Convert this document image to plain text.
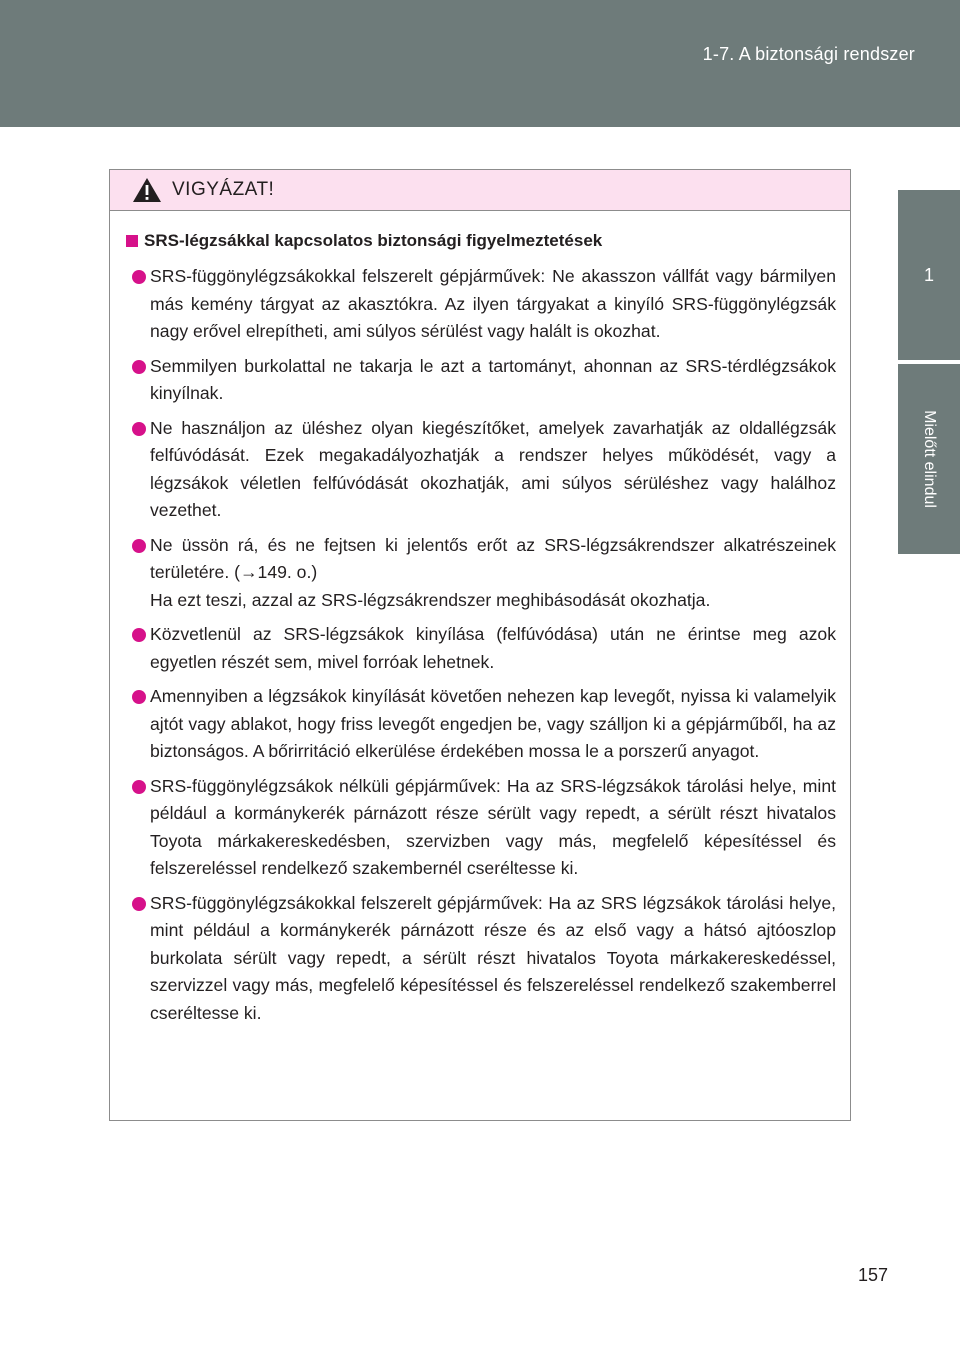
1-7. A biztonsági rendszer
1
Mielőtt elindul
VIGYÁZAT!
SRS-légzsákkal kapcsolatos biztonsági figyelmeztetések
SRS-függönylégzsákokkal felszerelt gépjárművek: Ne akasszon vállfát vagy bármilyen más kemény tárgyat az akasztókra. Az ilyen tárgyakat a kinyíló SRS-függönylégzsák nagy erővel elrepítheti, ami súlyos sérülést vagy halált is okozhat.
Semmilyen burkolattal ne takarja le azt a tartományt, ahonnan az SRS-térdlégzsákok kinyílnak.
Ne használjon az üléshez olyan kiegészítőket, amelyek zavarhatják az oldallégzsák felfúvódását. Ezek megakadályozhatják a rendszer helyes működését, vagy a légzsákok véletlen felfúvódását okozhatják, ami súlyos sérüléshez vagy halálhoz vezethet.
Ne üssön rá, és ne fejtsen ki jelentős erőt az SRS-légzsákrendszer alkatrészeinek területére. (→149. o.)
Ha ezt teszi, azzal az SRS-légzsákrendszer meghibásodását okozhatja.
Közvetlenül az SRS-légzsákok kinyílása (felfúvódása) után ne érintse meg azok egyetlen részét sem, mivel forróak lehetnek.
Amennyiben a légzsákok kinyílását követően nehezen kap levegőt, nyissa ki valamelyik ajtót vagy ablakot, hogy friss levegőt engedjen be, vagy szálljon ki a gépjárműből, ha az biztonságos. A bőrirritáció elkerülése érdekében mossa le a porszerű anyagot.
SRS-függönylégzsákok nélküli gépjárművek: Ha az SRS-légzsákok tárolási helye, mint például a kormánykerék párnázott része sérült vagy repedt, a sérült részt hivatalos Toyota márkakereskedésben, szervizben vagy más, megfelelő képesítéssel és felszereléssel rendelkező szakembernél cseréltesse ki.
SRS-függönylégzsákokkal felszerelt gépjárművek: Ha az SRS légzsákok tárolási helye, mint például a kormánykerék párnázott része és az első vagy a hátsó ajtóoszlop burkolata sérült vagy repedt, a sérült részt hivatalos Toyota márkakereskedéssel, szervizzel vagy más, megfelelő képesítéssel és felszereléssel rendelkező szakemberrel cseréltesse ki.
157
